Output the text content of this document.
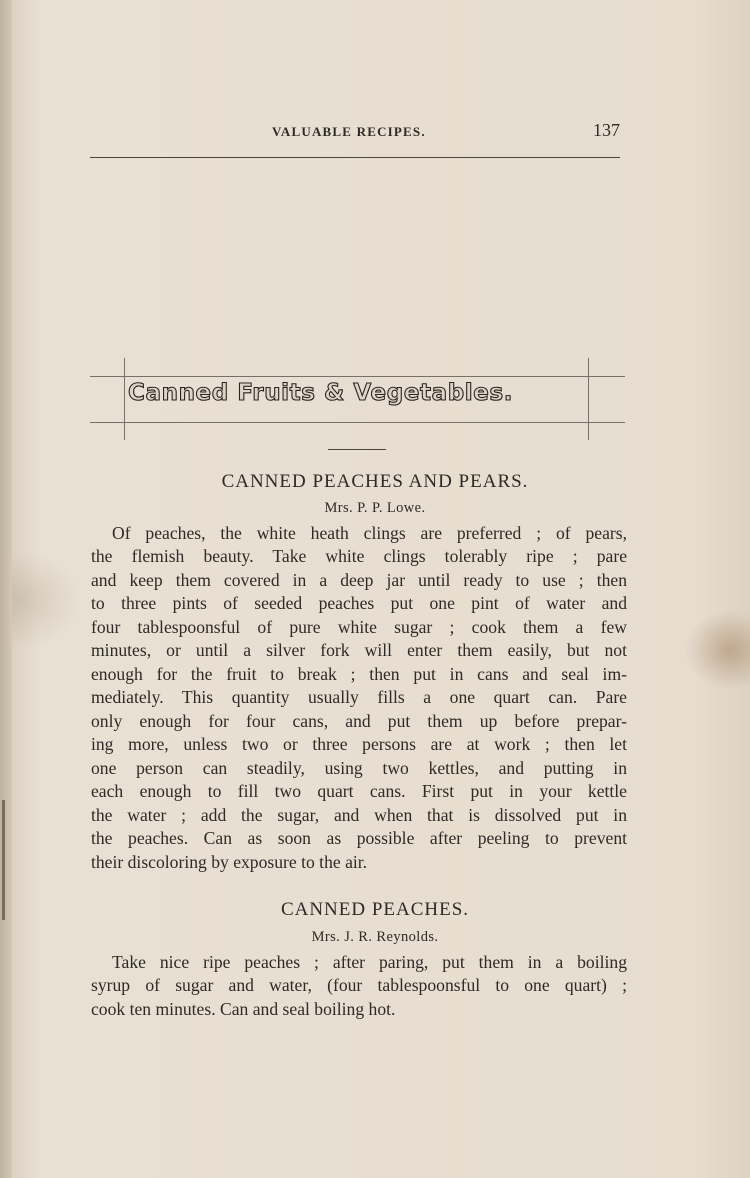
VALUABLE RECIPES.	137
Canned Fruits & Vegetables.
CANNED PEACHES AND PEARS.
Mrs. P. P. Lowe.
Of peaches, the white heath clings are preferred ; of pears,
the flemish beauty. Take white clings tolerably ripe ; pare
and keep them covered in a deep jar until ready to use ; then
to three pints of seeded peaches put one pint of water and
four tablespoonsful of pure white sugar ; cook them a few
minutes, or until a silver fork will enter them easily, but not
enough for the fruit to break ; then put in cans and seal im-
mediately. This quantity usually fills a one quart can. Pare
only enough for four cans, and put them up before prepar-
ing more, unless two or three persons are at work ; then let
one person can steadily, using two kettles, and putting in
each enough to fill two quart cans. First put in your kettle
the water ; add the sugar, and when that is dissolved put in
the peaches. Can as soon as possible after peeling to prevent
their discoloring by exposure to the air.
CANNED PEACHES.
Mrs. J. R. Reynolds.
Take nice ripe peaches ; after paring, put them in a boiling
syrup of sugar and water, (four tablespoonsful to one quart) ;
cook ten minutes. Can and seal boiling hot.
